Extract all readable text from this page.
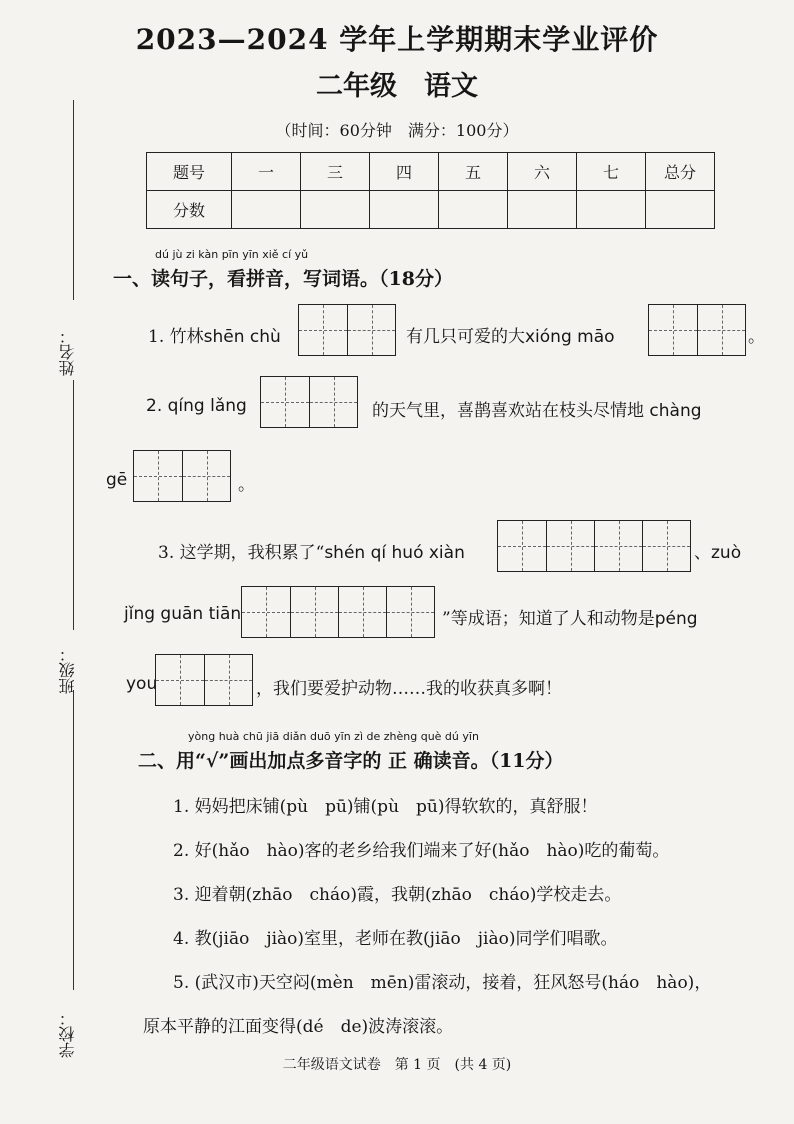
2023—2024 学年上学期期末学业评价
二年级　语文
（时间：60分钟　满分：100分）
题号	一	三	四	五	六	七	总分
分数							
姓名：
班级：
学校：
dú jù zi kàn pīn yīn xiě cí yǔ
一、读句子，看拼音，写词语。（18分）
1. 竹林shēn chù	有几只可爱的大xióng māo	。
2. qíng lǎng	的天气里，喜鹊喜欢站在枝头尽情地 chàng
gē	。
3. 这学期，我积累了“shén qí huó xiàn	、zuò
jǐng guān tiān	”等成语；知道了人和动物是péng
you	，我们要爱护动物……我的收获真多啊！
yòng huà chū jiā diǎn duō yīn zì de zhèng què dú yīn
二、用“√”画出加点多音字的 正 确读音。（11分）
1. 妈妈把床铺(pù　pū)铺(pù　pū)得软软的，真舒服！
2. 好(hǎo　hào)客的老乡给我们端来了好(hǎo　hào)吃的葡萄。
3. 迎着朝(zhāo　cháo)霞，我朝(zhāo　cháo)学校走去。
4. 教(jiāo　jiào)室里，老师在教(jiāo　jiào)同学们唱歌。
5. (武汉市)天空闷(mèn　mēn)雷滚动，接着，狂风怒号(háo　hào)，
原本平静的江面变得(dé　de)波涛滚滚。
二年级语文试卷　第 1 页　(共 4 页)
